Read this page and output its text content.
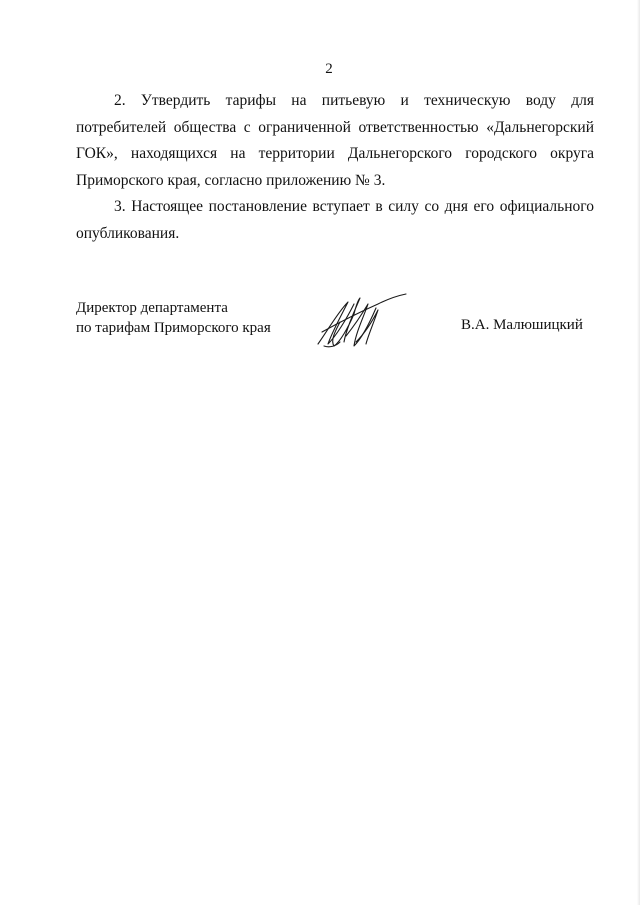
2

2. Утвердить тарифы на питьевую и техническую воду для потребителей общества с ограниченной ответственностью «Дальнегорский ГОК», находящихся на территории Дальнегорского городского округа Приморского края, согласно приложению № 3.

3. Настоящее постановление вступает в силу со дня его официального опубликования.

Директор департамента
по тарифам Приморского края	В.А. Малюшицкий
